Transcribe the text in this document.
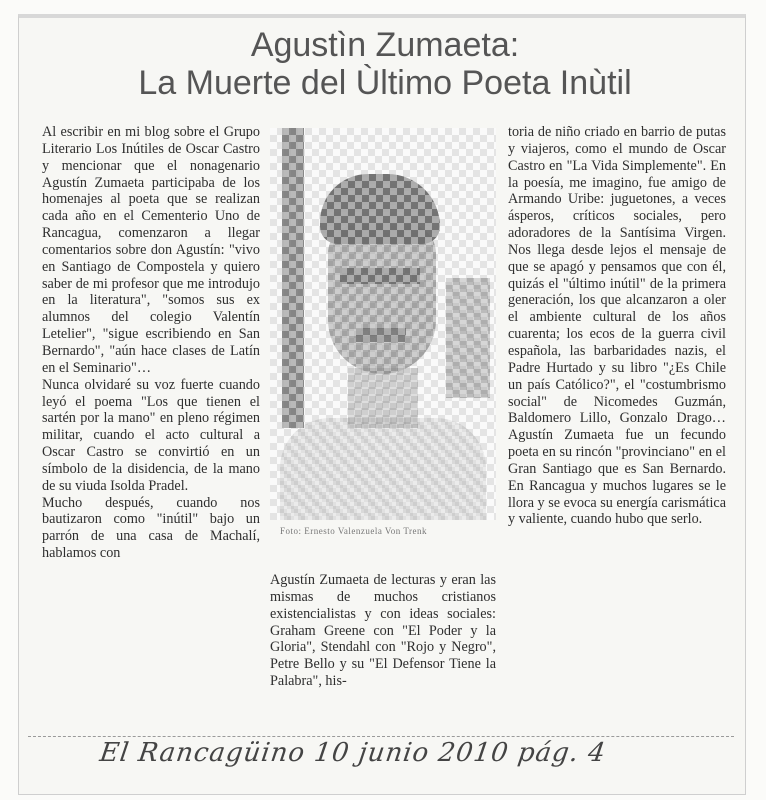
Agustìn Zumaeta:
La Muerte del Ùltimo Poeta Inùtil

Al escribir en mi blog sobre el Grupo Literario Los Inútiles de Oscar Castro y mencionar que el nonagenario Agustín Zumaeta participaba de los homenajes al poeta que se realizan cada año en el Cementerio Uno de Rancagua, comenzaron a llegar comentarios sobre don Agustín: "vivo en Santiago de Compostela y quiero saber de mi profesor que me introdujo en la literatura", "somos sus ex alumnos del colegio Valentín Letelier", "sigue escribiendo en San Bernardo", "aún hace clases de Latín en el Seminario"…

Nunca olvidaré su voz fuerte cuando leyó el poema "Los que tienen el sartén por la mano" en pleno régimen militar, cuando el acto cultural a Oscar Castro se convirtió en un símbolo de la disidencia, de la mano de su viuda Isolda Pradel.

Mucho después, cuando nos bautizaron como "inútil" bajo un parrón de una casa de Machalí, hablamos con

Foto: Ernesto Valenzuela Von Trenk

Agustín Zumaeta de lecturas y eran las mismas de muchos cristianos existencialistas y con ideas sociales: Graham Greene con "El Poder y la Gloria", Stendahl con "Rojo y Negro", Petre Bello y su "El Defensor Tiene la Palabra", his-

toria de niño criado en barrio de putas y viajeros, como el mundo de Oscar Castro en "La Vida Simplemente". En la poesía, me imagino, fue amigo de Armando Uribe: juguetones, a veces ásperos, críticos sociales, pero adoradores de la Santísima Virgen. Nos llega desde lejos el mensaje de que se apagó y pensamos que con él, quizás el "último inútil" de la primera generación, los que alcanzaron a oler el ambiente cultural de los años cuarenta; los ecos de la guerra civil española, las barbaridades nazis, el Padre Hurtado y su libro "¿Es Chile un país Católico?", el "costumbrismo social" de Nicomedes Guzmán, Baldomero Lillo, Gonzalo Drago… Agustín Zumaeta fue un fecundo poeta en su rincón "provinciano" en el Gran Santiago que es San Bernardo. En Rancagua y muchos lugares se le llora y se evoca su energía carismática y valiente, cuando hubo que serlo.

El Rancagüino 10 junio 2010 pág. 4
